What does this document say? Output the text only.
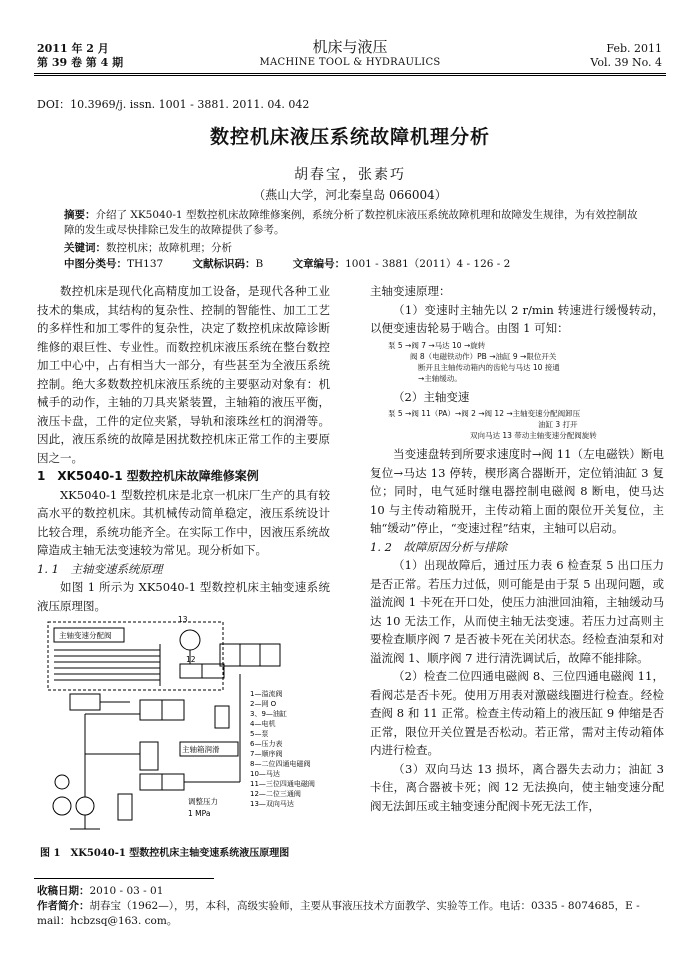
2011 年 2 月
第 39 卷 第 4 期
机床与液压
MACHINE TOOL & HYDRAULICS
Feb. 2011
Vol. 39 No. 4
DOI：10.3969/j. issn. 1001 - 3881. 2011. 04. 042
数控机床液压系统故障机理分析
胡春宝，张素巧
（燕山大学，河北秦皇岛 066004）
摘要：介绍了 XK5040-1 型数控机床故障维修案例，系统分析了数控机床液压系统故障机理和故障发生规律，为有效控制故障的发生或尽快排除已发生的故障提供了参考。
关键词：数控机床；故障机理；分析
中图分类号：TH137	文献标识码：B	文章编号：1001 - 3881（2011）4 - 126 - 2

数控机床是现代化高精度加工设备，是现代各种工业技术的集成，其结构的复杂性、控制的智能性、加工工艺的多样性和加工零件的复杂性，决定了数控机床故障诊断维修的艰巨性、专业性。而数控机床液压系统在整台数控加工中心中，占有相当大一部分，有些甚至为全液压系统控制。绝大多数数控机床液压系统的主要驱动对象有：机械手的动作，主轴的刀具夹紧装置，主轴箱的液压平衡，液压卡盘，工件的定位夹紧，导轨和滚珠丝杠的润滑等。因此，液压系统的故障是困扰数控机床正常工作的主要原因之一。

1　XK5040-1 型数控机床故障维修案例

XK5040-1 型数控机床是北京一机床厂生产的具有较高水平的数控机床。其机械传动简单稳定，液压系统设计比较合理，系统功能齐全。在实际工作中，因液压系统故障造成主轴无法变速较为常见。现分析如下。

1. 1　主轴变速系统原理

如图 1 所示为 XK5040-1 型数控机床主轴变速系统液压原理图。

主轴变速分配阀
主轴箱润滑
13
12
调整压力
1 MPa
1—溢流阀
2—网 O
3、9—油缸
4—电机
5—泵
6—压力表
7—顺序阀
8—二位四通电磁阀
10—马达
11—三位四通电磁阀
12—二位三通阀
13—双向马达
图 1　XK5040-1 型数控机床主轴变速系统液压原理图

主轴变速原理：

（1）变速时主轴先以 2 r/min 转速进行缓慢转动，以便变速齿轮易于啮合。由图 1 可知：

泵 5 →阀 7 →马达 10 →旋转
阀 8（电磁铁动作）PB →油缸 9 →限位开关
断开且主轴传动箱内的齿轮与马达 10 接通
→主轴缓动。

（2）主轴变速

泵 5 →阀 11（PA）→阀 2 →阀 12 →主轴变速分配阀卸压
油缸 3 打开
双向马达 13 带动主轴变速分配阀旋转

当变速盘转到所要求速度时→阀 11（左电磁铁）断电复位→马达 13 停转，楔形离合器断开，定位销油缸 3 复位；同时，电气延时继电器控制电磁阀 8 断电，使马达 10 与主传动箱脱开，主传动箱上面的限位开关复位，主轴“缓动”停止，“变速过程”结束，主轴可以启动。

1. 2　故障原因分析与排除

（1）出现故障后，通过压力表 6 检查泵 5 出口压力是否正常。若压力过低，则可能是由于泵 5 出现问题，或溢流阀 1 卡死在开口处，使压力油泄回油箱，主轴缓动马达 10 无法工作，从而使主轴无法变速。若压力过高则主要检查顺序阀 7 是否被卡死在关闭状态。经检查油泵和对溢流阀 1、顺序阀 7 进行清洗调试后，故障不能排除。

（2）检查二位四通电磁阀 8、三位四通电磁阀 11，看阀芯是否卡死。使用万用表对激磁线圈进行检查。经检查阀 8 和 11 正常。检查主传动箱上的液压缸 9 伸缩是否正常，限位开关位置是否松动。若正常，需对主传动箱体内进行检查。

（3）双向马达 13 损坏，离合器失去动力；油缸 3 卡住，离合器被卡死；阀 12 无法换向，使主轴变速分配阀无法卸压或主轴变速分配阀卡死无法工作，

收稿日期：2010 - 03 - 01
作者简介：胡春宝（1962—），男，本科，高级实验师，主要从事液压技术方面教学、实验等工作。电话：0335 - 8074685，E - mail：hcbzsq@163. com。
